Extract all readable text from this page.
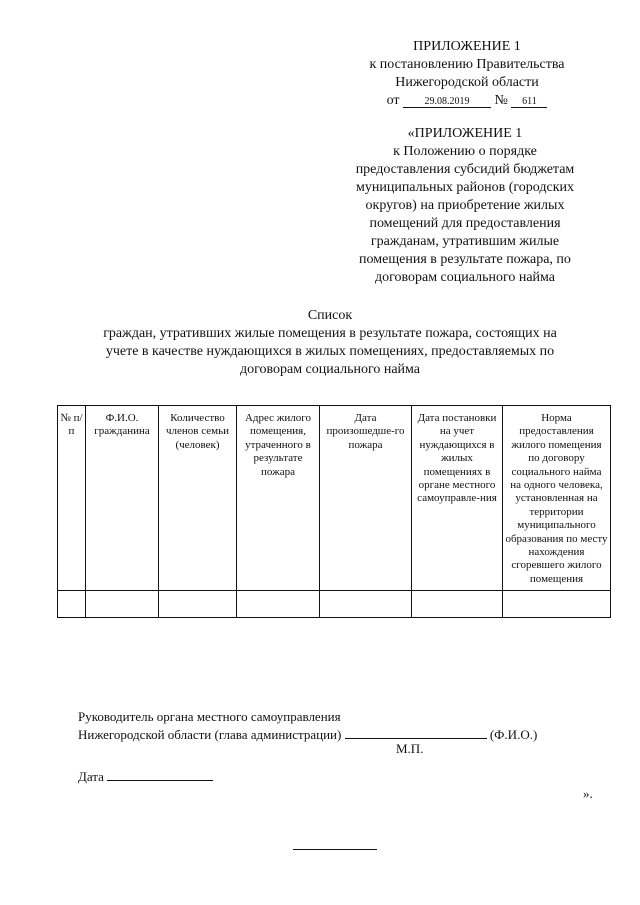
ПРИЛОЖЕНИЕ 1
к постановлению Правительства
Нижегородской области
от	29.08.2019 № 611
«ПРИЛОЖЕНИЕ 1
к Положению о порядке
предоставления субсидий бюджетам
муниципальных районов (городских
округов) на приобретение жилых
помещений для предоставления
гражданам, утратившим жилые
помещения в результате пожара, по
договорам социального найма
Список
граждан, утративших жилые помещения в результате пожара, состоящих на
учете в качестве нуждающихся в жилых помещениях, предоставляемых по
договорам социального найма
№ п/п	Ф.И.О. гражданина	Количество членов семьи (человек)	Адрес жилого помещения, утраченного в результате пожара	Дата произошедше-го пожара	Дата постановки на учет нуждающихся в жилых помещениях в органе местного самоуправле-ния	Норма предоставления жилого помещения по договору социального найма на одного человека, установленная на территории муниципального образования по месту нахождения сгоревшего жилого помещения

Руководитель органа местного самоуправления
Нижегородской области (глава администрации)	(Ф.И.О.)
М.П.
Дата
».
